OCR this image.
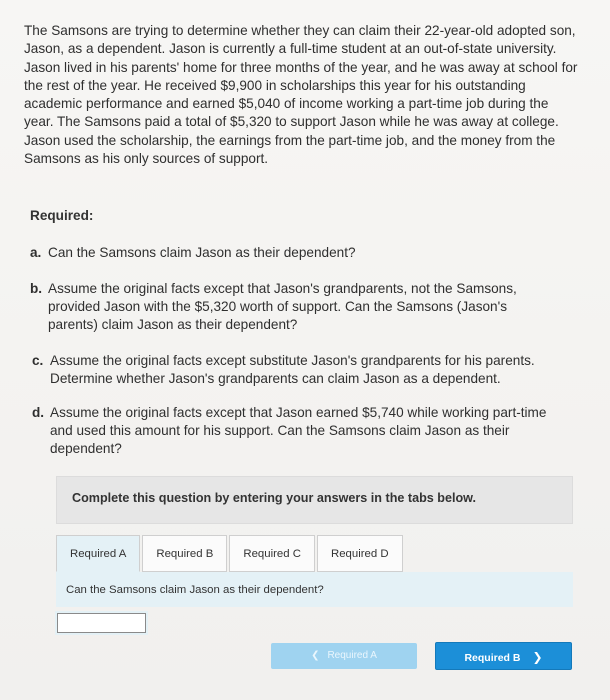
The Samsons are trying to determine whether they can claim their 22-year-old adopted son, Jason, as a dependent. Jason is currently a full-time student at an out-of-state university. Jason lived in his parents' home for three months of the year, and he was away at school for the rest of the year. He received $9,900 in scholarships this year for his outstanding academic performance and earned $5,040 of income working a part-time job during the year. The Samsons paid a total of $5,320 to support Jason while he was away at college. Jason used the scholarship, the earnings from the part-time job, and the money from the Samsons as his only sources of support.
Required:
a. Can the Samsons claim Jason as their dependent?
b. Assume the original facts except that Jason's grandparents, not the Samsons, provided Jason with the $5,320 worth of support. Can the Samsons (Jason's parents) claim Jason as their dependent?
c. Assume the original facts except substitute Jason's grandparents for his parents. Determine whether Jason's grandparents can claim Jason as a dependent.
d. Assume the original facts except that Jason earned $5,740 while working part-time and used this amount for his support. Can the Samsons claim Jason as their dependent?
Complete this question by entering your answers in the tabs below.
Required A	Required B	Required C	Required D
Can the Samsons claim Jason as their dependent?
❮ Required A	Required B ❯
